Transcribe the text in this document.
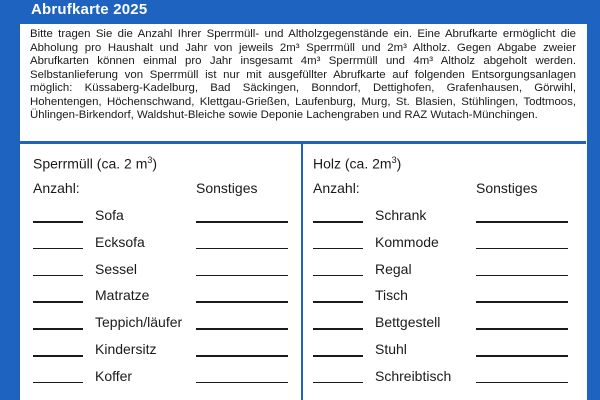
Abrufkarte 2025
Bitte tragen Sie die Anzahl Ihrer Sperrmüll- und Altholzgegenstände ein. Eine Abrufkarte ermöglicht die Abholung pro Haushalt und Jahr von jeweils 2m³ Sperrmüll und 2m³ Altholz. Gegen Abgabe zweier Abrufkarten können einmal pro Jahr insgesamt 4m³ Sperrmüll und 4m³ Altholz abgeholt werden. Selbstanlieferung von Sperrmüll ist nur mit ausgefüllter Abrufkarte auf folgenden Entsorgungsanlagen möglich: Küssaberg-Kadelburg, Bad Säckingen, Bonndorf, Dettighofen, Grafenhausen, Görwihl, Hohentengen, Höchenschwand, Klettgau-Grießen, Laufenburg, Murg, St. Blasien, Stühlingen, Todtmoos, Ühlingen-Birkendorf, Waldshut-Bleiche sowie Deponie Lachengraben und RAZ Wutach-Münchingen.
Sperrmüll (ca. 2 $m^3$)
Anzahl:	Sonstiges
Sofa
Ecksofa
Sessel
Matratze
Teppich/läufer
Kindersitz
Koffer
Holz (ca. $2m^3$)
Anzahl:	Sonstiges
Schrank
Kommode
Regal
Tisch
Bettgestell
Stuhl
Schreibtisch
